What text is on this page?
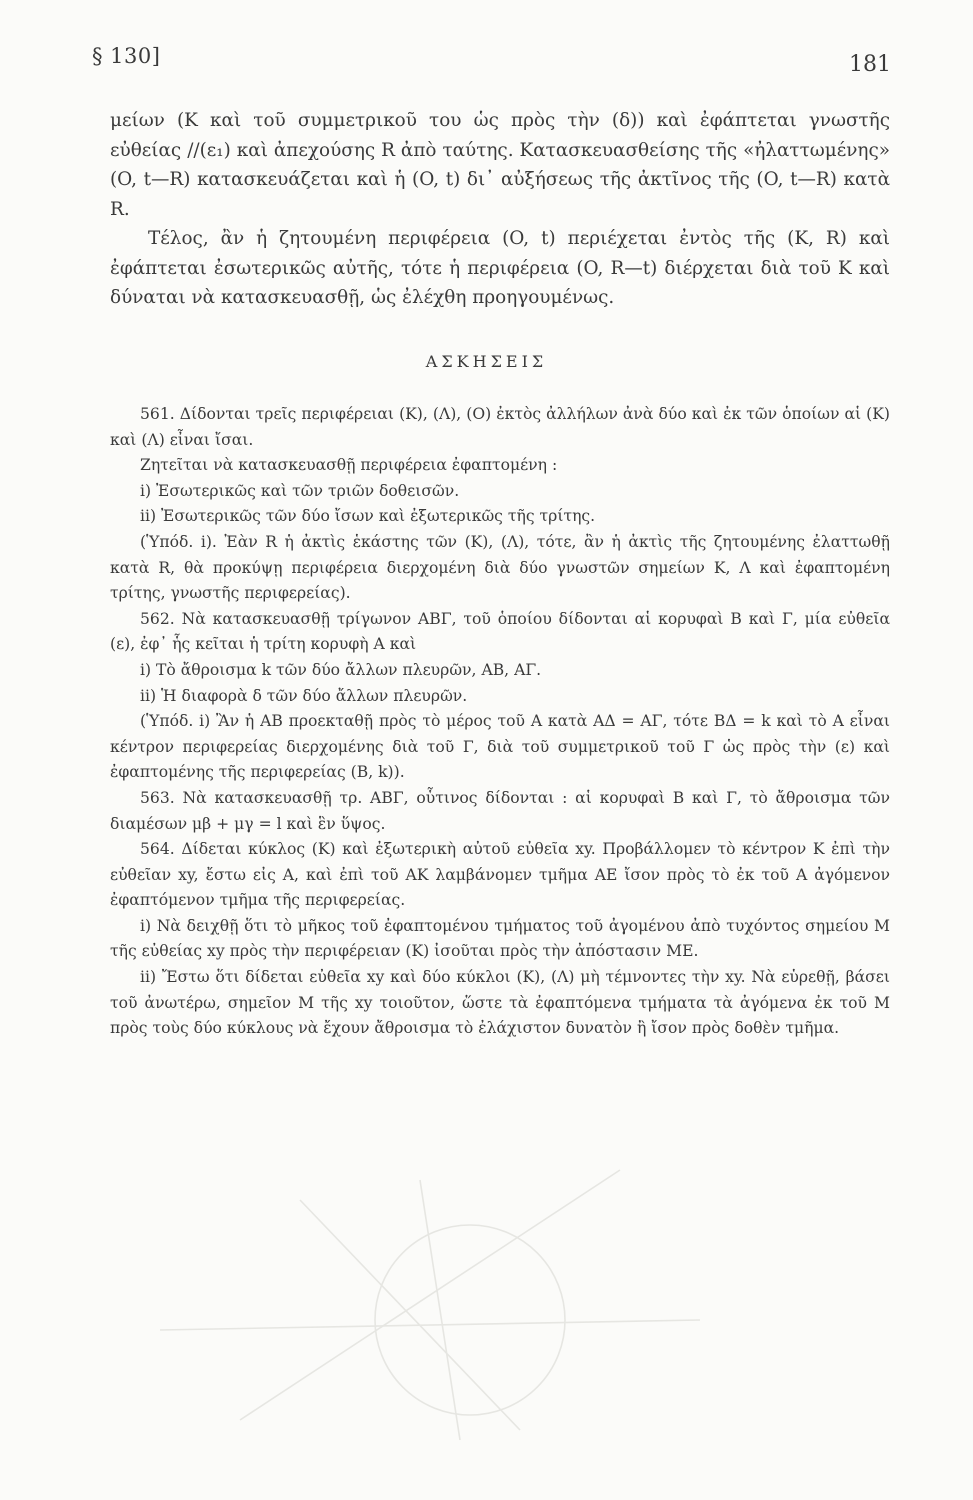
§ 130]	181

μείων (K καὶ τοῦ συμμετρικοῦ του ὡς πρὸς τὴν (δ)) καὶ ἐφάπτεται γνωστῆς εὐθείας //(ε₁) καὶ ἀπεχούσης R ἀπὸ ταύτης. Κατασκευασθείσης τῆς «ἠλαττωμένης» (O, t—R) κατασκευάζεται καὶ ἡ (O, t) δι᾽ αὐξήσεως τῆς ἀκτῖνος τῆς (O, t—R) κατὰ R.

Τέλος, ἂν ἡ ζητουμένη περιφέρεια (O, t) περιέχεται ἐντὸς τῆς (K, R) καὶ ἐφάπτεται ἐσωτερικῶς αὐτῆς, τότε ἡ περιφέρεια (O, R—t) διέρχεται διὰ τοῦ K καὶ δύναται νὰ κατασκευασθῇ, ὡς ἐλέχθη προηγουμένως.

ΑΣΚΗΣΕΙΣ

561. Δίδονται τρεῖς περιφέρειαι (K), (Λ), (O) ἐκτὸς ἀλλήλων ἀνὰ δύο καὶ ἐκ τῶν ὁποίων αἱ (K) καὶ (Λ) εἶναι ἴσαι.

Ζητεῖται νὰ κατασκευασθῇ περιφέρεια ἐφαπτομένη :

i) Ἐσωτερικῶς καὶ τῶν τριῶν δοθεισῶν.

ii) Ἐσωτερικῶς τῶν δύο ἴσων καὶ ἐξωτερικῶς τῆς τρίτης.

(Ὑπόδ. i). Ἐὰν R ἡ ἀκτὶς ἑκάστης τῶν (K), (Λ), τότε, ἂν ἡ ἀκτὶς τῆς ζητουμένης ἐλαττωθῇ κατὰ R, θὰ προκύψῃ περιφέρεια διερχομένη διὰ δύο γνωστῶν σημείων K, Λ καὶ ἐφαπτομένη τρίτης, γνωστῆς περιφερείας).

562. Νὰ κατασκευασθῇ τρίγωνον ΑΒΓ, τοῦ ὁποίου δίδονται αἱ κορυφαὶ Β καὶ Γ, μία εὐθεῖα (ε), ἐφ᾽ ἧς κεῖται ἡ τρίτη κορυφὴ Α καὶ

i) Τὸ ἄθροισμα k τῶν δύο ἄλλων πλευρῶν, ΑΒ, ΑΓ.

ii) Ἡ διαφορὰ δ τῶν δύο ἄλλων πλευρῶν.

(Ὑπόδ. i) Ἂν ἡ ΑΒ προεκταθῇ πρὸς τὸ μέρος τοῦ Α κατὰ ΑΔ = ΑΓ, τότε ΒΔ = k καὶ τὸ Α εἶναι κέντρον περιφερείας διερχομένης διὰ τοῦ Γ, διὰ τοῦ συμμετρικοῦ τοῦ Γ ὡς πρὸς τὴν (ε) καὶ ἐφαπτομένης τῆς περιφερείας (Β, k)).

563. Νὰ κατασκευασθῇ τρ. ΑΒΓ, οὗτινος δίδονται : αἱ κορυφαὶ Β καὶ Γ, τὸ ἄθροισμα τῶν διαμέσων μβ + μγ = l καὶ ἓν ὕψος.

564. Δίδεται κύκλος (K) καὶ ἐξωτερικὴ αὐτοῦ εὐθεῖα xy. Προβάλλομεν τὸ κέντρον K ἐπὶ τὴν εὐθεῖαν xy, ἔστω εἰς Α, καὶ ἐπὶ τοῦ ΑΚ λαμβάνομεν τμῆμα ΑΕ ἴσον πρὸς τὸ ἐκ τοῦ Α ἀγόμενον ἐφαπτόμενον τμῆμα τῆς περιφερείας.

i) Νὰ δειχθῇ ὅτι τὸ μῆκος τοῦ ἐφαπτομένου τμήματος τοῦ ἀγομένου ἀπὸ τυχόντος σημείου Μ τῆς εὐθείας xy πρὸς τὴν περιφέρειαν (K) ἰσοῦται πρὸς τὴν ἀπόστασιν ΜΕ.

ii) Ἔστω ὅτι δίδεται εὐθεῖα xy καὶ δύο κύκλοι (K), (Λ) μὴ τέμνοντες τὴν xy. Νὰ εὑρεθῇ, βάσει τοῦ ἀνωτέρω, σημεῖον Μ τῆς xy τοιοῦτον, ὥστε τὰ ἐφαπτόμενα τμήματα τὰ ἀγόμενα ἐκ τοῦ Μ πρὸς τοὺς δύο κύκλους νὰ ἔχουν ἄθροισμα τὸ ἐλάχιστον δυνατὸν ἢ ἴσον πρὸς δοθὲν τμῆμα.
